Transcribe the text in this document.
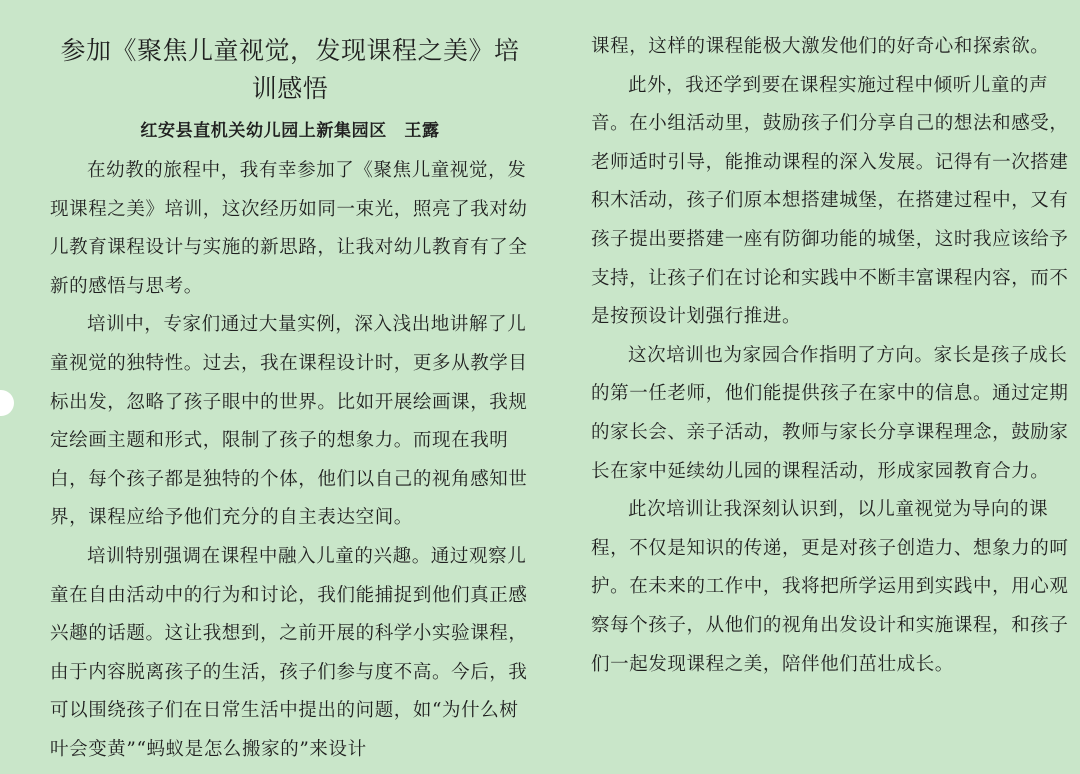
参加《聚焦儿童视觉，发现课程之美》培训感悟
红安县直机关幼儿园上新集园区　王露

在幼教的旅程中，我有幸参加了《聚焦儿童视觉，发现课程之美》培训，这次经历如同一束光，照亮了我对幼儿教育课程设计与实施的新思路，让我对幼儿教育有了全新的感悟与思考。

培训中，专家们通过大量实例，深入浅出地讲解了儿童视觉的独特性。过去，我在课程设计时，更多从教学目标出发，忽略了孩子眼中的世界。比如开展绘画课，我规定绘画主题和形式，限制了孩子的想象力。而现在我明白，每个孩子都是独特的个体，他们以自己的视角感知世界，课程应给予他们充分的自主表达空间。

培训特别强调在课程中融入儿童的兴趣。通过观察儿童在自由活动中的行为和讨论，我们能捕捉到他们真正感兴趣的话题。这让我想到，之前开展的科学小实验课程，由于内容脱离孩子的生活，孩子们参与度不高。今后，我可以围绕孩子们在日常生活中提出的问题，如“为什么树叶会变黄”“蚂蚁是怎么搬家的”来设计

课程，这样的课程能极大激发他们的好奇心和探索欲。

此外，我还学到要在课程实施过程中倾听儿童的声音。在小组活动里，鼓励孩子们分享自己的想法和感受，老师适时引导，能推动课程的深入发展。记得有一次搭建积木活动，孩子们原本想搭建城堡，在搭建过程中，又有孩子提出要搭建一座有防御功能的城堡，这时我应该给予支持，让孩子们在讨论和实践中不断丰富课程内容，而不是按预设计划强行推进。

这次培训也为家园合作指明了方向。家长是孩子成长的第一任老师，他们能提供孩子在家中的信息。通过定期的家长会、亲子活动，教师与家长分享课程理念，鼓励家长在家中延续幼儿园的课程活动，形成家园教育合力。

此次培训让我深刻认识到，以儿童视觉为导向的课程，不仅是知识的传递，更是对孩子创造力、想象力的呵护。在未来的工作中，我将把所学运用到实践中，用心观察每个孩子，从他们的视角出发设计和实施课程，和孩子们一起发现课程之美，陪伴他们茁壮成长。
